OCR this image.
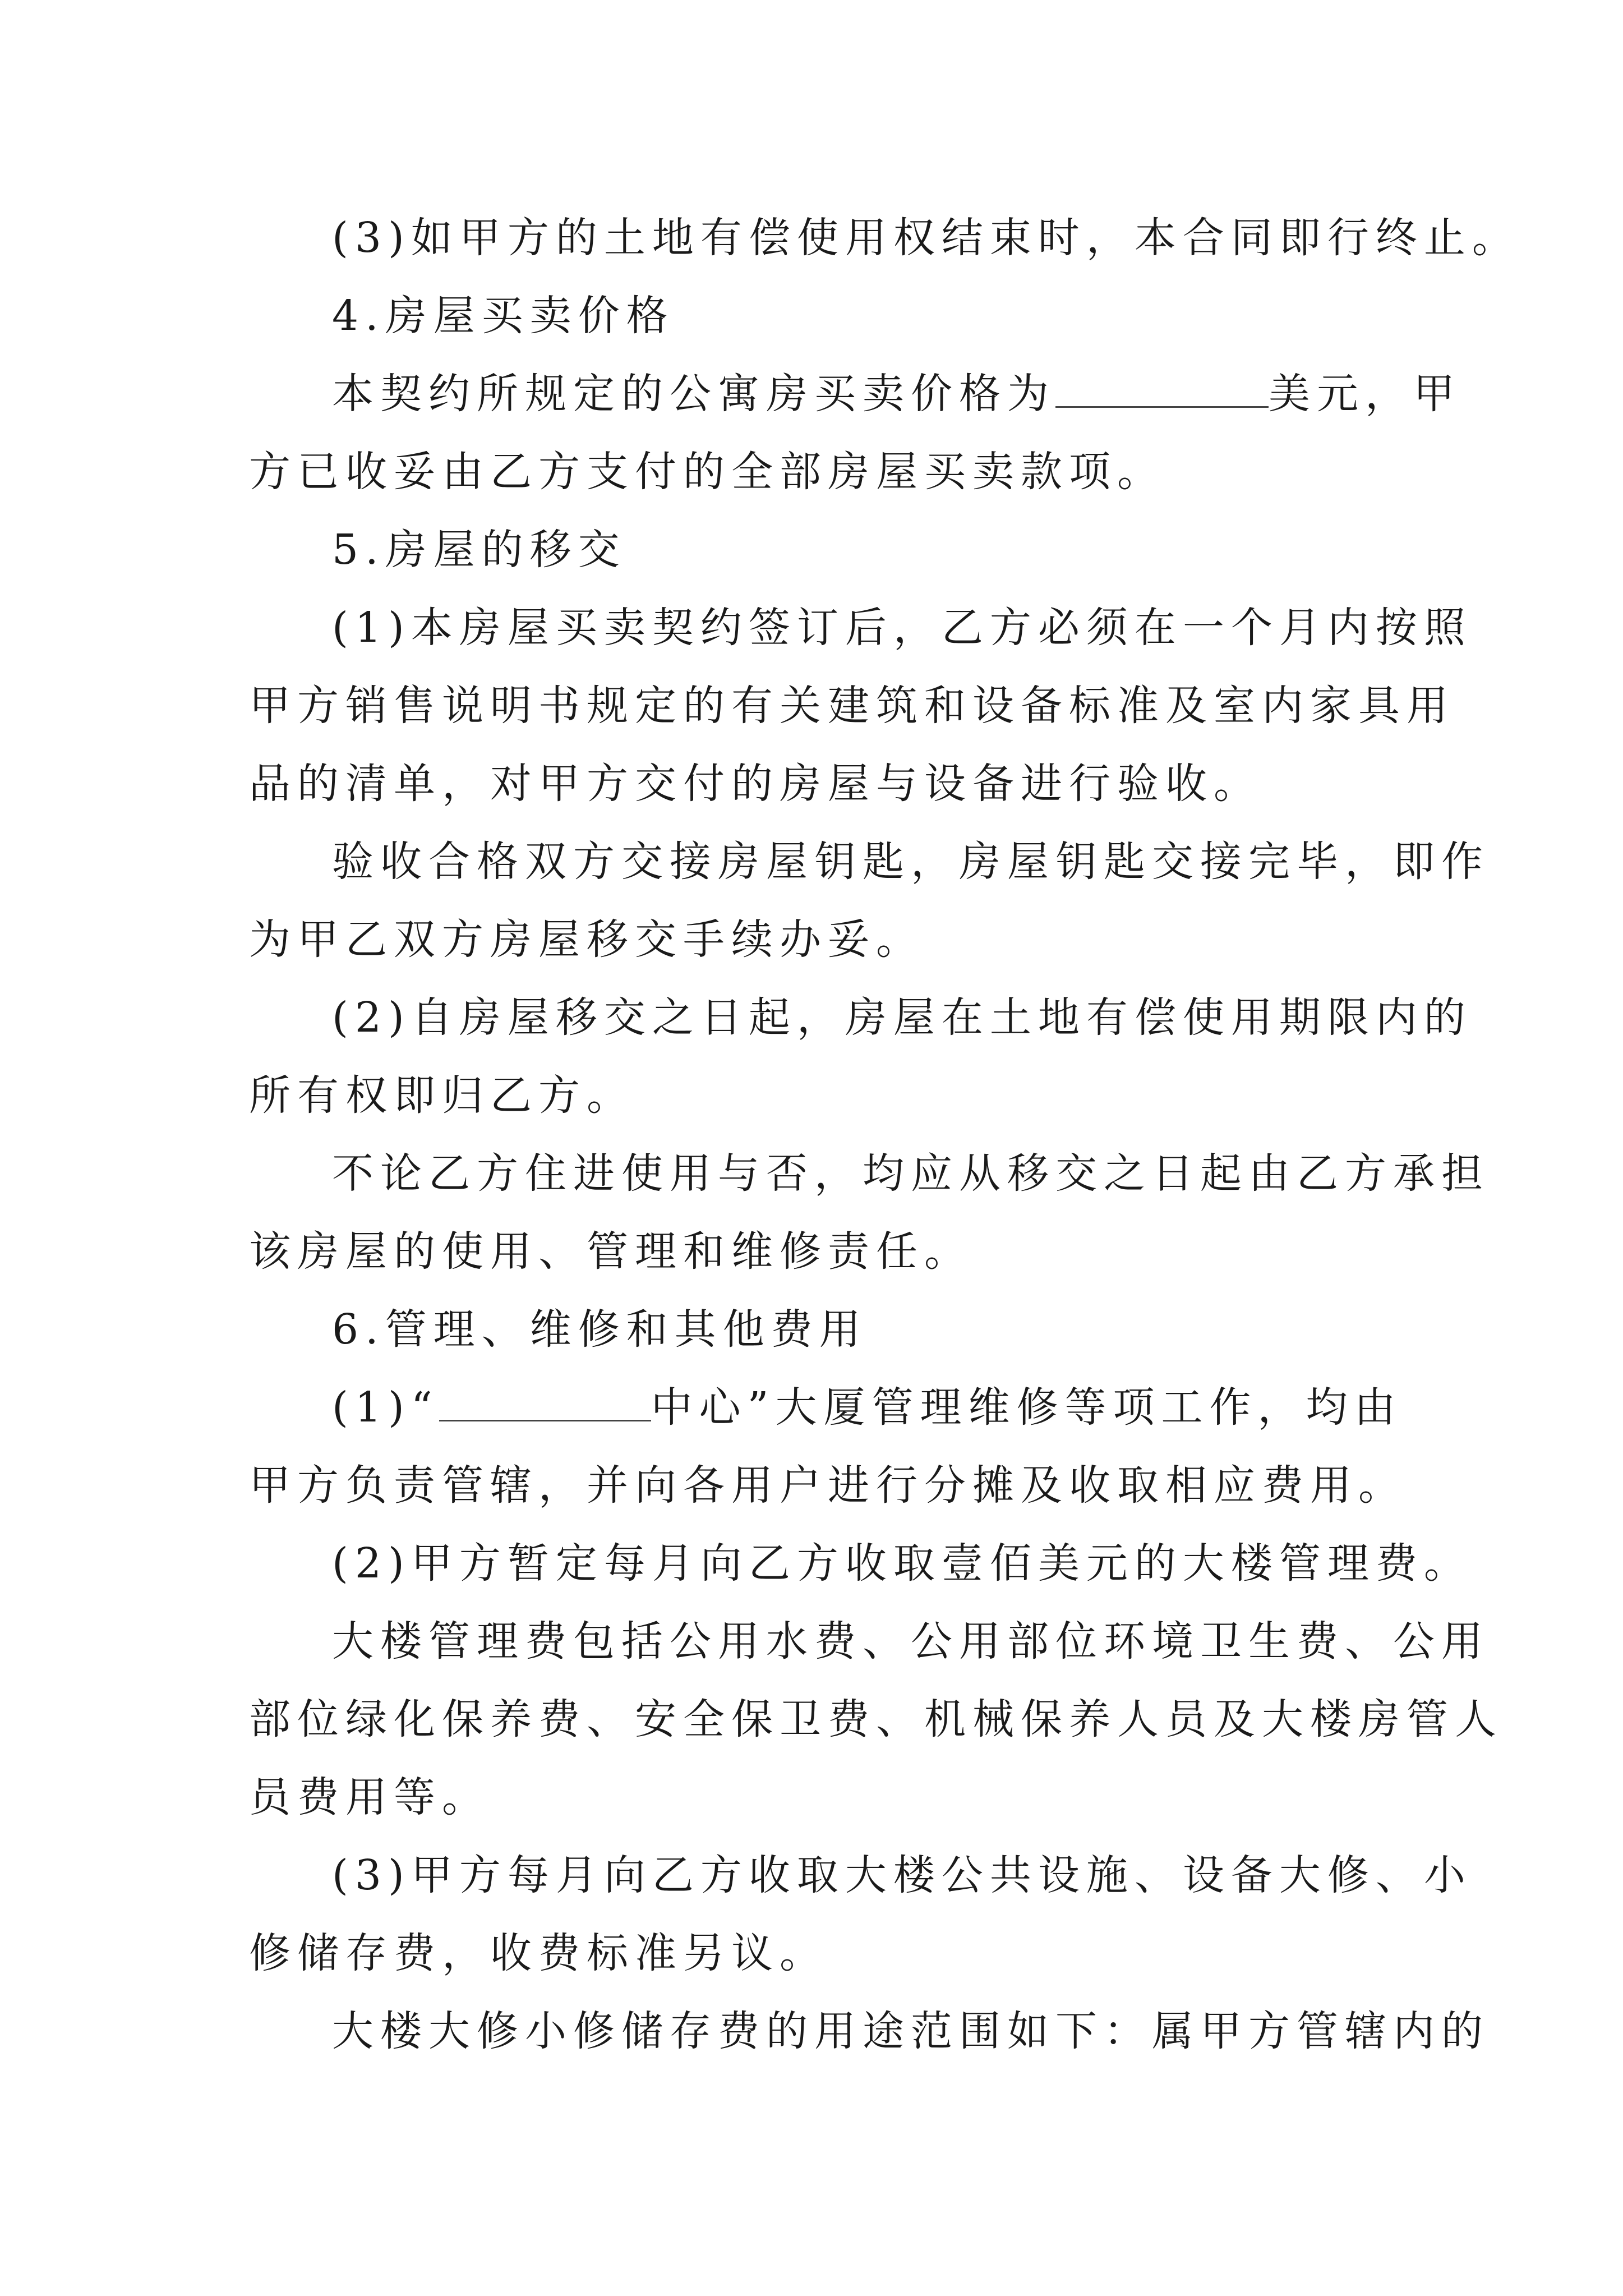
(3)如甲方的土地有偿使用权结束时，本合同即行终止。
4.房屋买卖价格
本契约所规定的公寓房买卖价格为	美元，甲
方已收妥由乙方支付的全部房屋买卖款项。
5.房屋的移交
(1)本房屋买卖契约签订后，乙方必须在一个月内按照
甲方销售说明书规定的有关建筑和设备标准及室内家具用
品的清单，对甲方交付的房屋与设备进行验收。
验收合格双方交接房屋钥匙，房屋钥匙交接完毕，即作
为甲乙双方房屋移交手续办妥。
(2)自房屋移交之日起，房屋在土地有偿使用期限内的
所有权即归乙方。
不论乙方住进使用与否，均应从移交之日起由乙方承担
该房屋的使用、管理和维修责任。
6.管理、维修和其他费用
(1)“	中心”大厦管理维修等项工作，均由
甲方负责管辖，并向各用户进行分摊及收取相应费用。
(2)甲方暂定每月向乙方收取壹佰美元的大楼管理费。
大楼管理费包括公用水费、公用部位环境卫生费、公用
部位绿化保养费、安全保卫费、机械保养人员及大楼房管人
员费用等。
(3)甲方每月向乙方收取大楼公共设施、设备大修、小
修储存费，收费标准另议。
大楼大修小修储存费的用途范围如下：属甲方管辖内的
